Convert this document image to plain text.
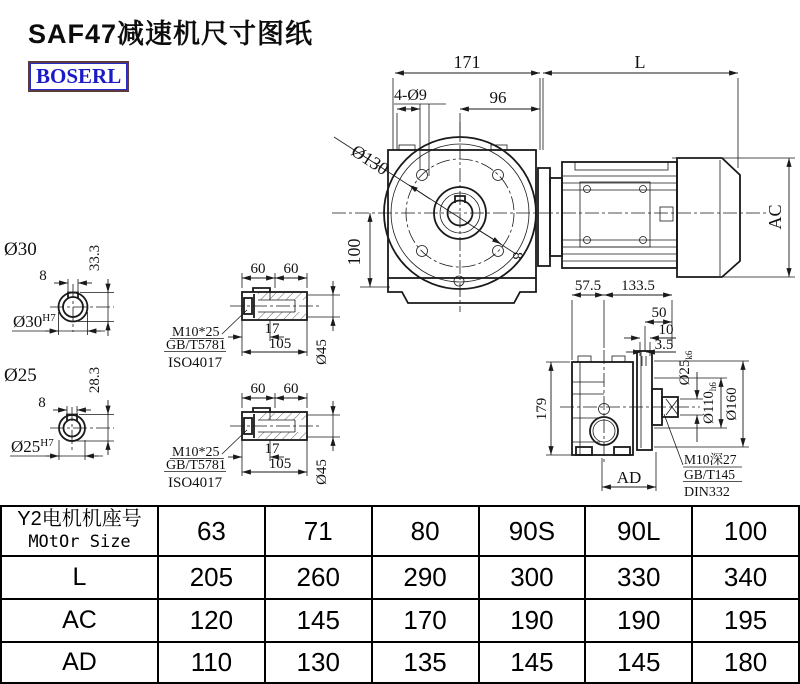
SAF47减速机尺寸图纸
BOSERL
Ø130
8
171	L
96
4-Ø9
100
AC
Ø30
8
33.3
$Ø30^{H7}$
Ø25
8
28.3
$Ø25^{H7}$
60 60
17
105
M10*25
GB/T5781
ISO4017	Ø45
60 60
17
105
M10*25
GB/T5781
ISO4017	Ø45
57.5 133.5
50
10
3.5
$Ø25_{k6}$
$Ø110_{h6}$
Ø160
179
AD
M10深27
GB/T145
DIN332
Y2电机机座号
MOtOr Size	63	71	80	90S	90L	100
L	205	260	290	300	330	340
AC	120	145	170	190	190	195
AD	110	130	135	145	145	180
